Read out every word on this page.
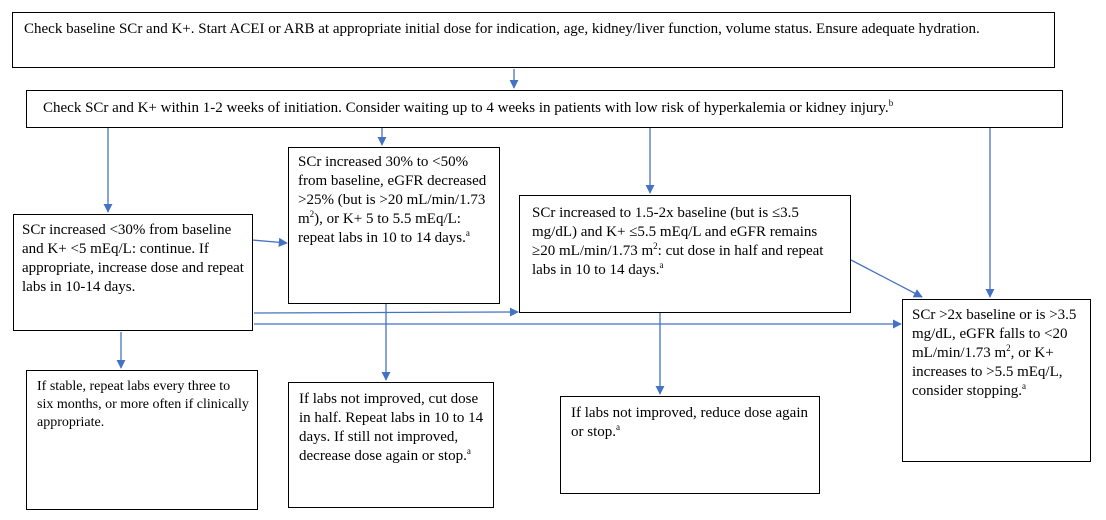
Check baseline SCr and K+. Start ACEI or ARB at appropriate initial dose for indication, age, kidney/liver function, volume status. Ensure adequate hydration.
Check SCr and K+ within 1-2 weeks of initiation. Consider waiting up to 4 weeks in patients with low risk of hyperkalemia or kidney injury.$^b$
SCr increased <30% from baseline and K+ <5 mEq/L: continue. If appropriate, increase dose and repeat labs in 10-14 days.
SCr increased 30% to <50% from baseline, eGFR decreased >25% (but is >20 mL/min/1.73 $m^2$), or K+ 5 to 5.5 mEq/L: repeat labs in 10 to 14 days.$^a$
SCr increased to 1.5-2x baseline (but is ≤3.5 mg/dL) and K+ ≤5.5 mEq/L and eGFR remains ≥20 mL/min/1.73 $m^2$: cut dose in half and repeat labs in 10 to 14 days.$^a$
SCr >2x baseline or is >3.5 mg/dL, eGFR falls to <20 mL/min/1.73 $m^2$, or K+ increases to >5.5 mEq/L, consider stopping.$^a$
If stable, repeat labs every three to six months, or more often if clinically appropriate.
If labs not improved, cut dose in half. Repeat labs in 10 to 14 days. If still not improved, decrease dose again or stop.$^a$
If labs not improved, reduce dose again or stop.$^a$
